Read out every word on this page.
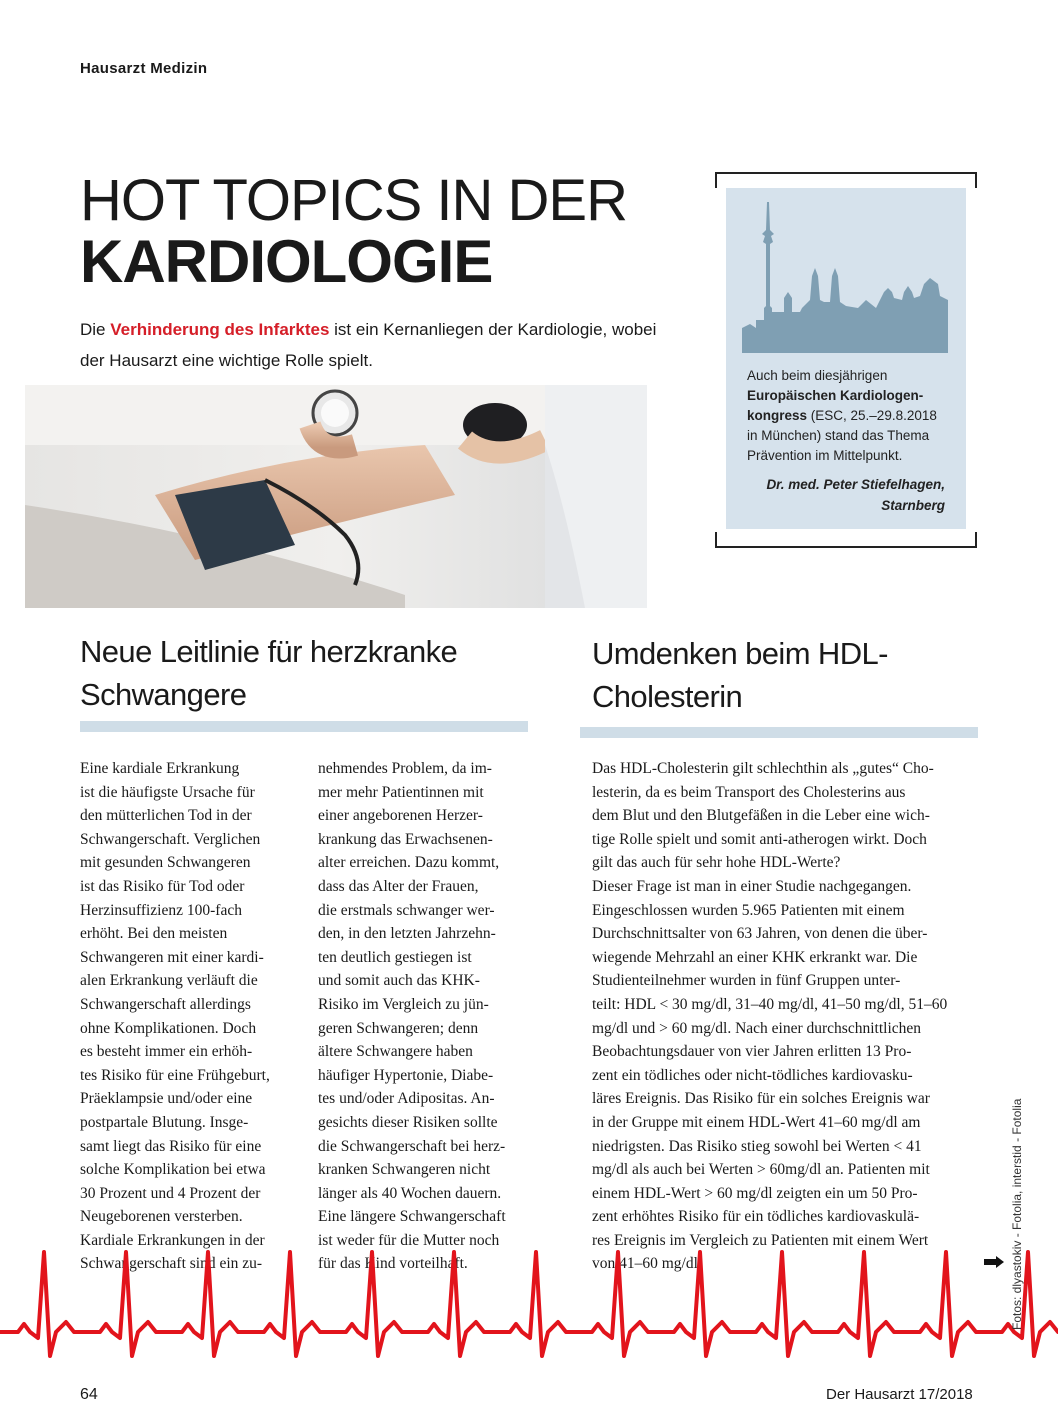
Hausarzt Medizin
HOT TOPICS IN DER
KARDIOLOGIE
Die Verhinderung des Infarktes ist ein Kernanliegen der Kardiologie, wobei der Hausarzt eine wichtige Rolle spielt.
Auch beim diesjährigen Europäischen Kardiologen-kongress (ESC, 25.–29.8.2018 in München) stand das Thema Prävention im Mittelpunkt.
Dr. med. Peter Stiefelhagen,
Starnberg
Neue Leitlinie für herzkranke Schwangere

Eine kardiale Erkrankung
ist die häufigste Ursache für
den mütterlichen Tod in der
Schwangerschaft. Verglichen
mit gesunden Schwangeren
ist das Risiko für Tod oder
Herzinsuffizienz 100-fach
erhöht. Bei den meisten
Schwangeren mit einer kardi-
alen Erkrankung verläuft die
Schwangerschaft allerdings
ohne Komplikationen. Doch
es besteht immer ein erhöh-
tes Risiko für eine Frühgeburt,
Präeklampsie und/oder eine
postpartale Blutung. Insge-
samt liegt das Risiko für eine
solche Komplikation bei etwa
30 Prozent und 4 Prozent der
Neugeborenen versterben.
Kardiale Erkrankungen in der
Schwangerschaft sind ein zu-

nehmendes Problem, da im-
mer mehr Patientinnen mit
einer angeborenen Herzer-
krankung das Erwachsenen-
alter erreichen. Dazu kommt,
dass das Alter der Frauen,
die erstmals schwanger wer-
den, in den letzten Jahrzehn-
ten deutlich gestiegen ist
und somit auch das KHK-
Risiko im Vergleich zu jün-
geren Schwangeren; denn
ältere Schwangere haben
häufiger Hypertonie, Diabe-
tes und/oder Adipositas. An-
gesichts dieser Risiken sollte
die Schwangerschaft bei herz-
kranken Schwangeren nicht
länger als 40 Wochen dauern.
Eine längere Schwangerschaft
ist weder für die Mutter noch
für das Kind vorteilhaft.

Umdenken beim HDL-Cholesterin

Das HDL-Cholesterin gilt schlechthin als „gutes“ Cho-
lesterin, da es beim Transport des Cholesterins aus
dem Blut und den Blutgefäßen in die Leber eine wich-
tige Rolle spielt und somit anti-atherogen wirkt. Doch
gilt das auch für sehr hohe HDL-Werte?
Dieser Frage ist man in einer Studie nachgegangen.
Eingeschlossen wurden 5.965 Patienten mit einem
Durchschnittsalter von 63 Jahren, von denen die über-
wiegende Mehrzahl an einer KHK erkrankt war. Die
Studienteilnehmer wurden in fünf Gruppen unter-
teilt: HDL < 30 mg/dl, 31–40 mg/dl, 41–50 mg/dl, 51–60
mg/dl und > 60 mg/dl. Nach einer durchschnittlichen
Beobachtungsdauer von vier Jahren erlitten 13 Pro-
zent ein tödliches oder nicht-tödliches kardiovasku-
läres Ereignis. Das Risiko für ein solches Ereignis war
in der Gruppe mit einem HDL-Wert 41–60 mg/dl am
niedrigsten. Das Risiko stieg sowohl bei Werten < 41
mg/dl als auch bei Werten > 60mg/dl an. Patienten mit
einem HDL-Wert > 60 mg/dl zeigten ein um 50 Pro-
zent erhöhtes Risiko für ein tödliches kardiovaskulä-
res Ereignis im Vergleich zu Patienten mit einem Wert
von 41–60 mg/dl.

64	Der Hausarzt 17/2018
Fotos: dlyastokiv - Fotolia, interstid - Fotolia
